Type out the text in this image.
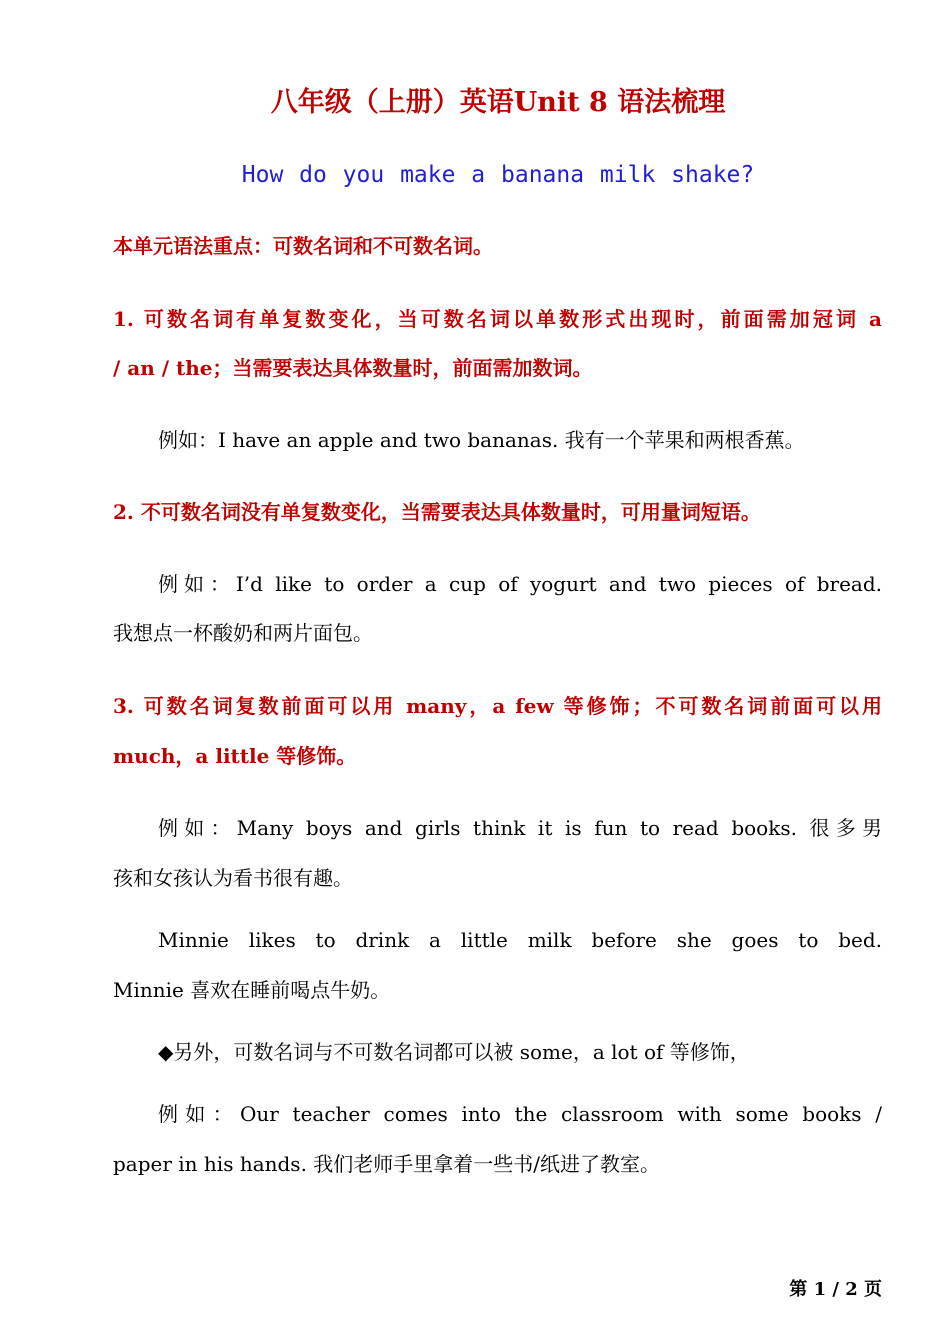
八年级（上册）英语Unit 8 语法梳理
How do you make a banana milk shake?
本单元语法重点：可数名词和不可数名词。
1. 可数名词有单复数变化，当可数名词以单数形式出现时，前面需加冠词 a
/ an / the；当需要表达具体数量时，前面需加数词。
例如：I have an apple and two bananas. 我有一个苹果和两根香蕉。
2. 不可数名词没有单复数变化，当需要表达具体数量时，可用量词短语。
例如：I’d like to order a cup of yogurt and two pieces of bread.
我想点一杯酸奶和两片面包。
3. 可数名词复数前面可以用 many，a few 等修饰；不可数名词前面可以用
much，a little 等修饰。
例如：Many boys and girls think it is fun to read books. 很多男
孩和女孩认为看书很有趣。
Minnie likes to drink a little milk before she goes to bed.
Minnie 喜欢在睡前喝点牛奶。
◆另外，可数名词与不可数名词都可以被 some，a lot of 等修饰，
例如：Our teacher comes into the classroom with some books /
paper in his hands. 我们老师手里拿着一些书/纸进了教室。
第 1 / 2 页
